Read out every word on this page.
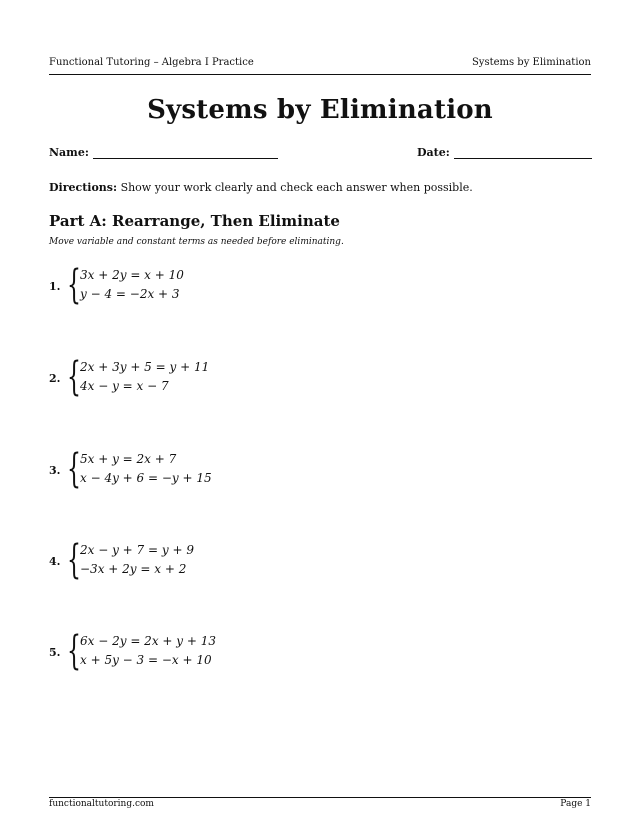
Functional Tutoring – Algebra I Practice	Systems by Elimination
Systems by Elimination
Name:	Date:
Directions: Show your work clearly and check each answer when possible.
Part A: Rearrange, Then Eliminate
Move variable and constant terms as needed before eliminating.
1. { 3x + 2y = x + 10
y − 4 = −2x + 3
2. { 2x + 3y + 5 = y + 11
4x − y = x − 7
3. { 5x + y = 2x + 7
x − 4y + 6 = −y + 15
4. { 2x − y + 7 = y + 9
−3x + 2y = x + 2
5. { 6x − 2y = 2x + y + 13
x + 5y − 3 = −x + 10
functionaltutoring.com	Page 1
